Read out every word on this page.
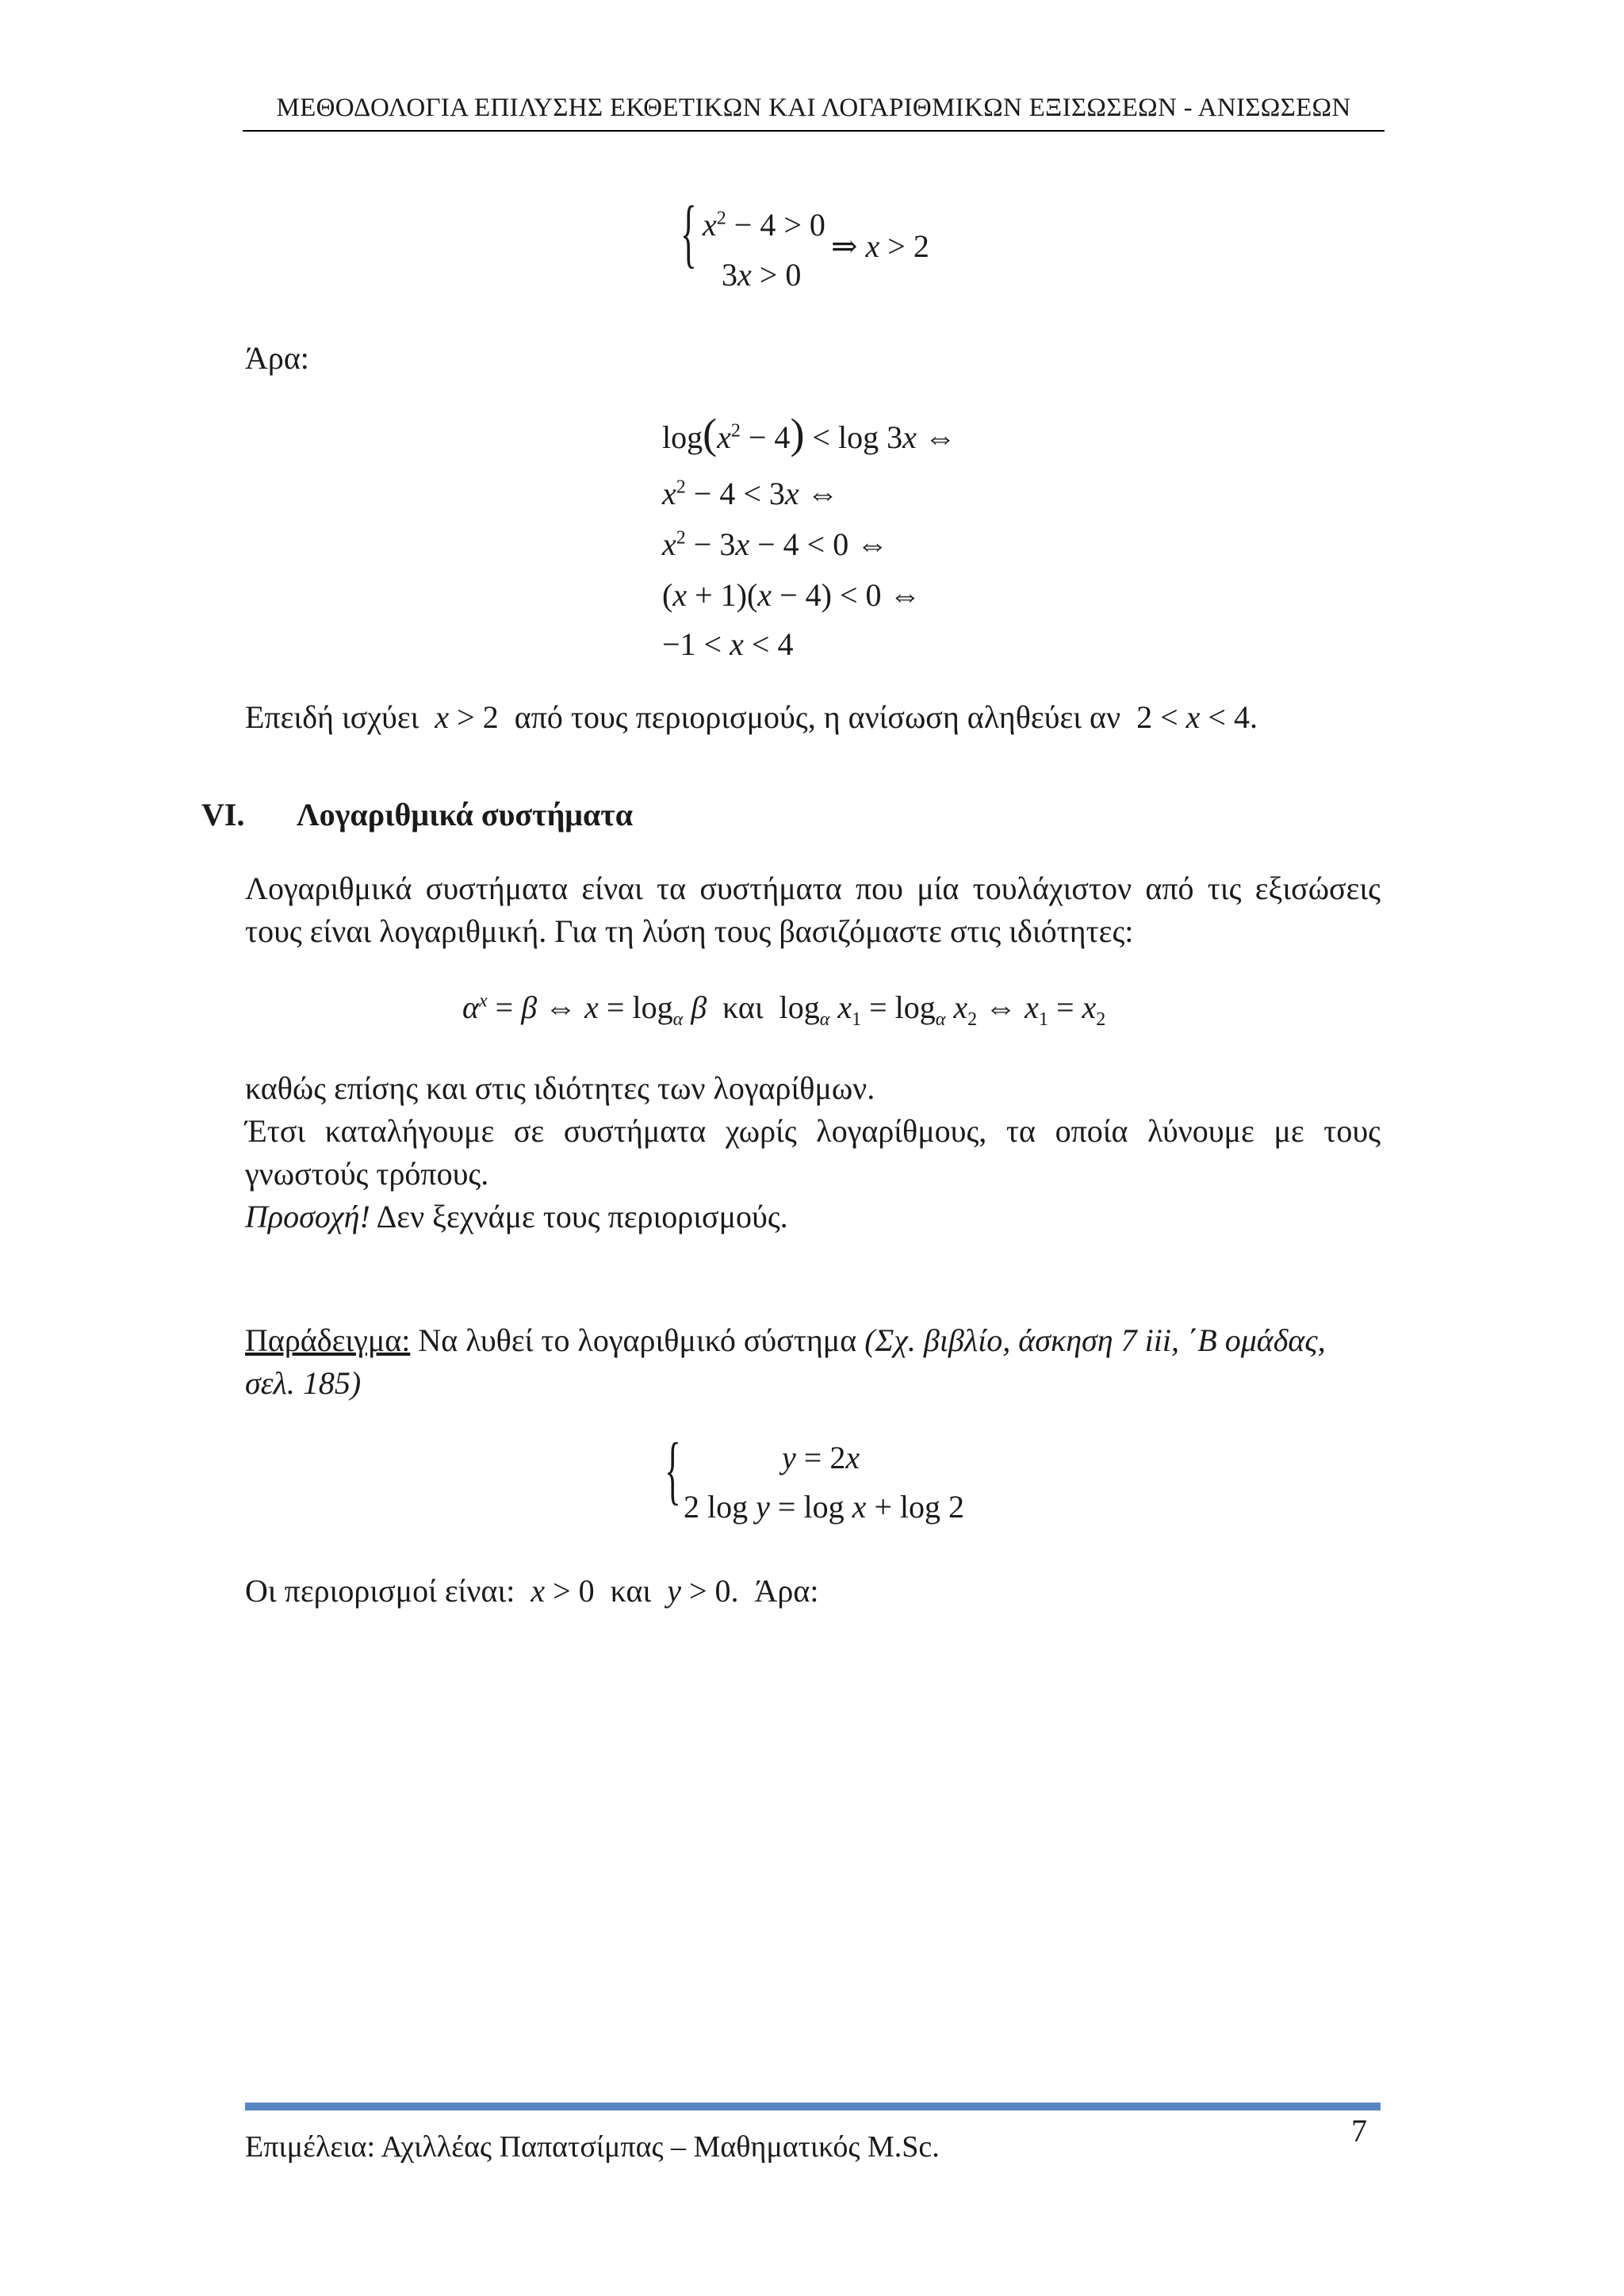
ΜΕΘΟΔΟΛΟΓΙΑ ΕΠΙΛΥΣΗΣ ΕΚΘΕΤΙΚΩΝ ΚΑΙ ΛΟΓΑΡΙΘΜΙΚΩΝ ΕΞΙΣΩΣΕΩΝ - ΑΝΙΣΩΣΕΩΝ
{ $x^2 - 4 > 0$
3x > 0
⇒ x > 2
Άρα:
$\log(x^2 - 4) < \log 3x$ ⇔
$x^2 - 4 < 3x$ ⇔
$x^2 - 3x - 4 < 0$ ⇔
(x + 1)(x − 4) < 0 ⇔
−1 < x < 4
Επειδή ισχύει  x > 2  από τους περιορισμούς, η ανίσωση αληθεύει αν  2 < x < 4.
VI. Λογαριθμικά συστήματα
Λογαριθμικά συστήματα είναι τα συστήματα που μία τουλάχιστον από τις εξισώσεις
τους είναι λογαριθμική. Για τη λύση τους βασιζόμαστε στις ιδιότητες:
$\alpha^x = \beta$ ⇔ $x = \log_\alpha \beta$  και  $\log_\alpha x_1 = \log_\alpha x_2$ ⇔ $x_1 = x_2$
καθώς επίσης και στις ιδιότητες των λογαρίθμων.
Έτσι καταλήγουμε σε συστήματα χωρίς λογαρίθμους, τα οποία λύνουμε με τους
γνωστούς τρόπους.
Προσοχή! Δεν ξεχνάμε τους περιορισμούς.
Παράδειγμα: Να λυθεί το λογαριθμικό σύστημα (Σχ. βιβλίο, άσκηση 7 iii, ΄Β ομάδας,
σελ. 185)
{	y = 2x
2 log y = log x + log 2
Οι περιορισμοί είναι:  x > 0  και  y > 0.  Άρα:
7
Επιμέλεια: Αχιλλέας Παπατσίμπας – Μαθηματικός M.Sc.
